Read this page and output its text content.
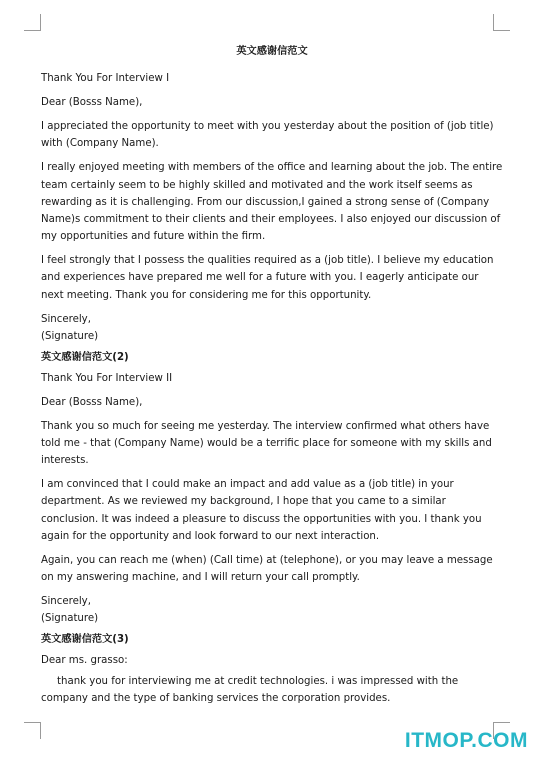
英文感谢信范文

Thank You For Interview I

Dear (Bosss Name),

I appreciated the opportunity to meet with you yesterday about the position of (job title) with (Company Name).

I really enjoyed meeting with members of the office and learning about the job. The entire team certainly seem to be highly skilled and motivated and the work itself seems as rewarding as it is challenging. From our discussion,I gained a strong sense of (Company Name)s commitment to their clients and their employees. I also enjoyed our discussion of my opportunities and future within the firm.

I feel strongly that I possess the qualities required as a (job title). I believe my education and experiences have prepared me well for a future with you. I eagerly anticipate our next meeting. Thank you for considering me for this opportunity.

Sincerely,
(Signature)

英文感谢信范文(2)

Thank You For Interview II

Dear (Bosss Name),

Thank you so much for seeing me yesterday. The interview confirmed what others have told me - that (Company Name) would be a terrific place for someone with my skills and interests.

I am convinced that I could make an impact and add value as a (job title) in your department. As we reviewed my background, I hope that you came to a similar conclusion. It was indeed a pleasure to discuss the opportunities with you. I thank you again for the opportunity and look forward to our next interaction.

Again, you can reach me (when) (Call time) at (telephone), or you may leave a message on my answering machine, and I will return your call promptly.

Sincerely,
(Signature)

英文感谢信范文(3)

Dear ms. grasso:

thank you for interviewing me at credit technologies. i was impressed with the company and the type of banking services the corporation provides.

ITMOP.COM
